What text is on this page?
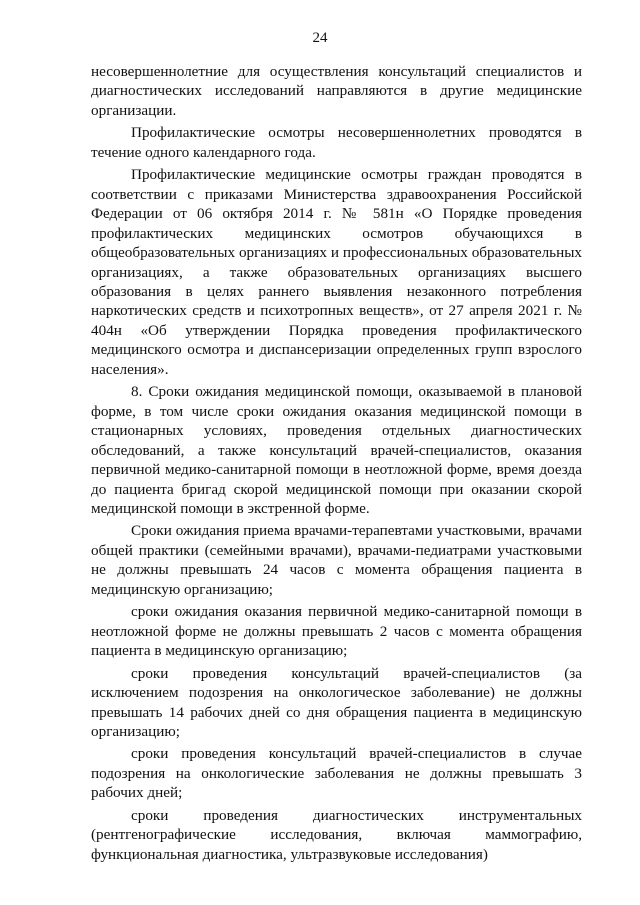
24

несовершеннолетние для осуществления консультаций специалистов и диагностических исследований направляются в другие медицинские организации.

Профилактические осмотры несовершеннолетних проводятся в течение одного календарного года.

Профилактические медицинские осмотры граждан проводятся в соответствии с приказами Министерства здравоохранения Российской Федерации от 06 октября 2014 г. № 581н «О Порядке проведения профилактических медицинских осмотров обучающихся в общеобразовательных организациях и профессиональных образовательных организациях, а также образовательных организациях высшего образования в целях раннего выявления незаконного потребления наркотических средств и психотропных веществ», от 27 апреля 2021 г. № 404н «Об утверждении Порядка проведения профилактического медицинского осмотра и диспансеризации определенных групп взрослого населения».

8. Сроки ожидания медицинской помощи, оказываемой в плановой форме, в том числе сроки ожидания оказания медицинской помощи в стационарных условиях, проведения отдельных диагностических обследований, а также консультаций врачей-специалистов, оказания первичной медико-санитарной помощи в неотложной форме, время доезда до пациента бригад скорой медицинской помощи при оказании скорой медицинской помощи в экстренной форме.

Сроки ожидания приема врачами-терапевтами участковыми, врачами общей практики (семейными врачами), врачами-педиатрами участковыми не должны превышать 24 часов с момента обращения пациента в медицинскую организацию;

сроки ожидания оказания первичной медико-санитарной помощи в неотложной форме не должны превышать 2 часов с момента обращения пациента в медицинскую организацию;

сроки проведения консультаций врачей-специалистов (за исключением подозрения на онкологическое заболевание) не должны превышать 14 рабочих дней со дня обращения пациента в медицинскую организацию;

сроки проведения консультаций врачей-специалистов в случае подозрения на онкологические заболевания не должны превышать 3 рабочих дней;

сроки проведения диагностических инструментальных (рентгенографические исследования, включая маммографию, функциональная диагностика, ультразвуковые исследования)
